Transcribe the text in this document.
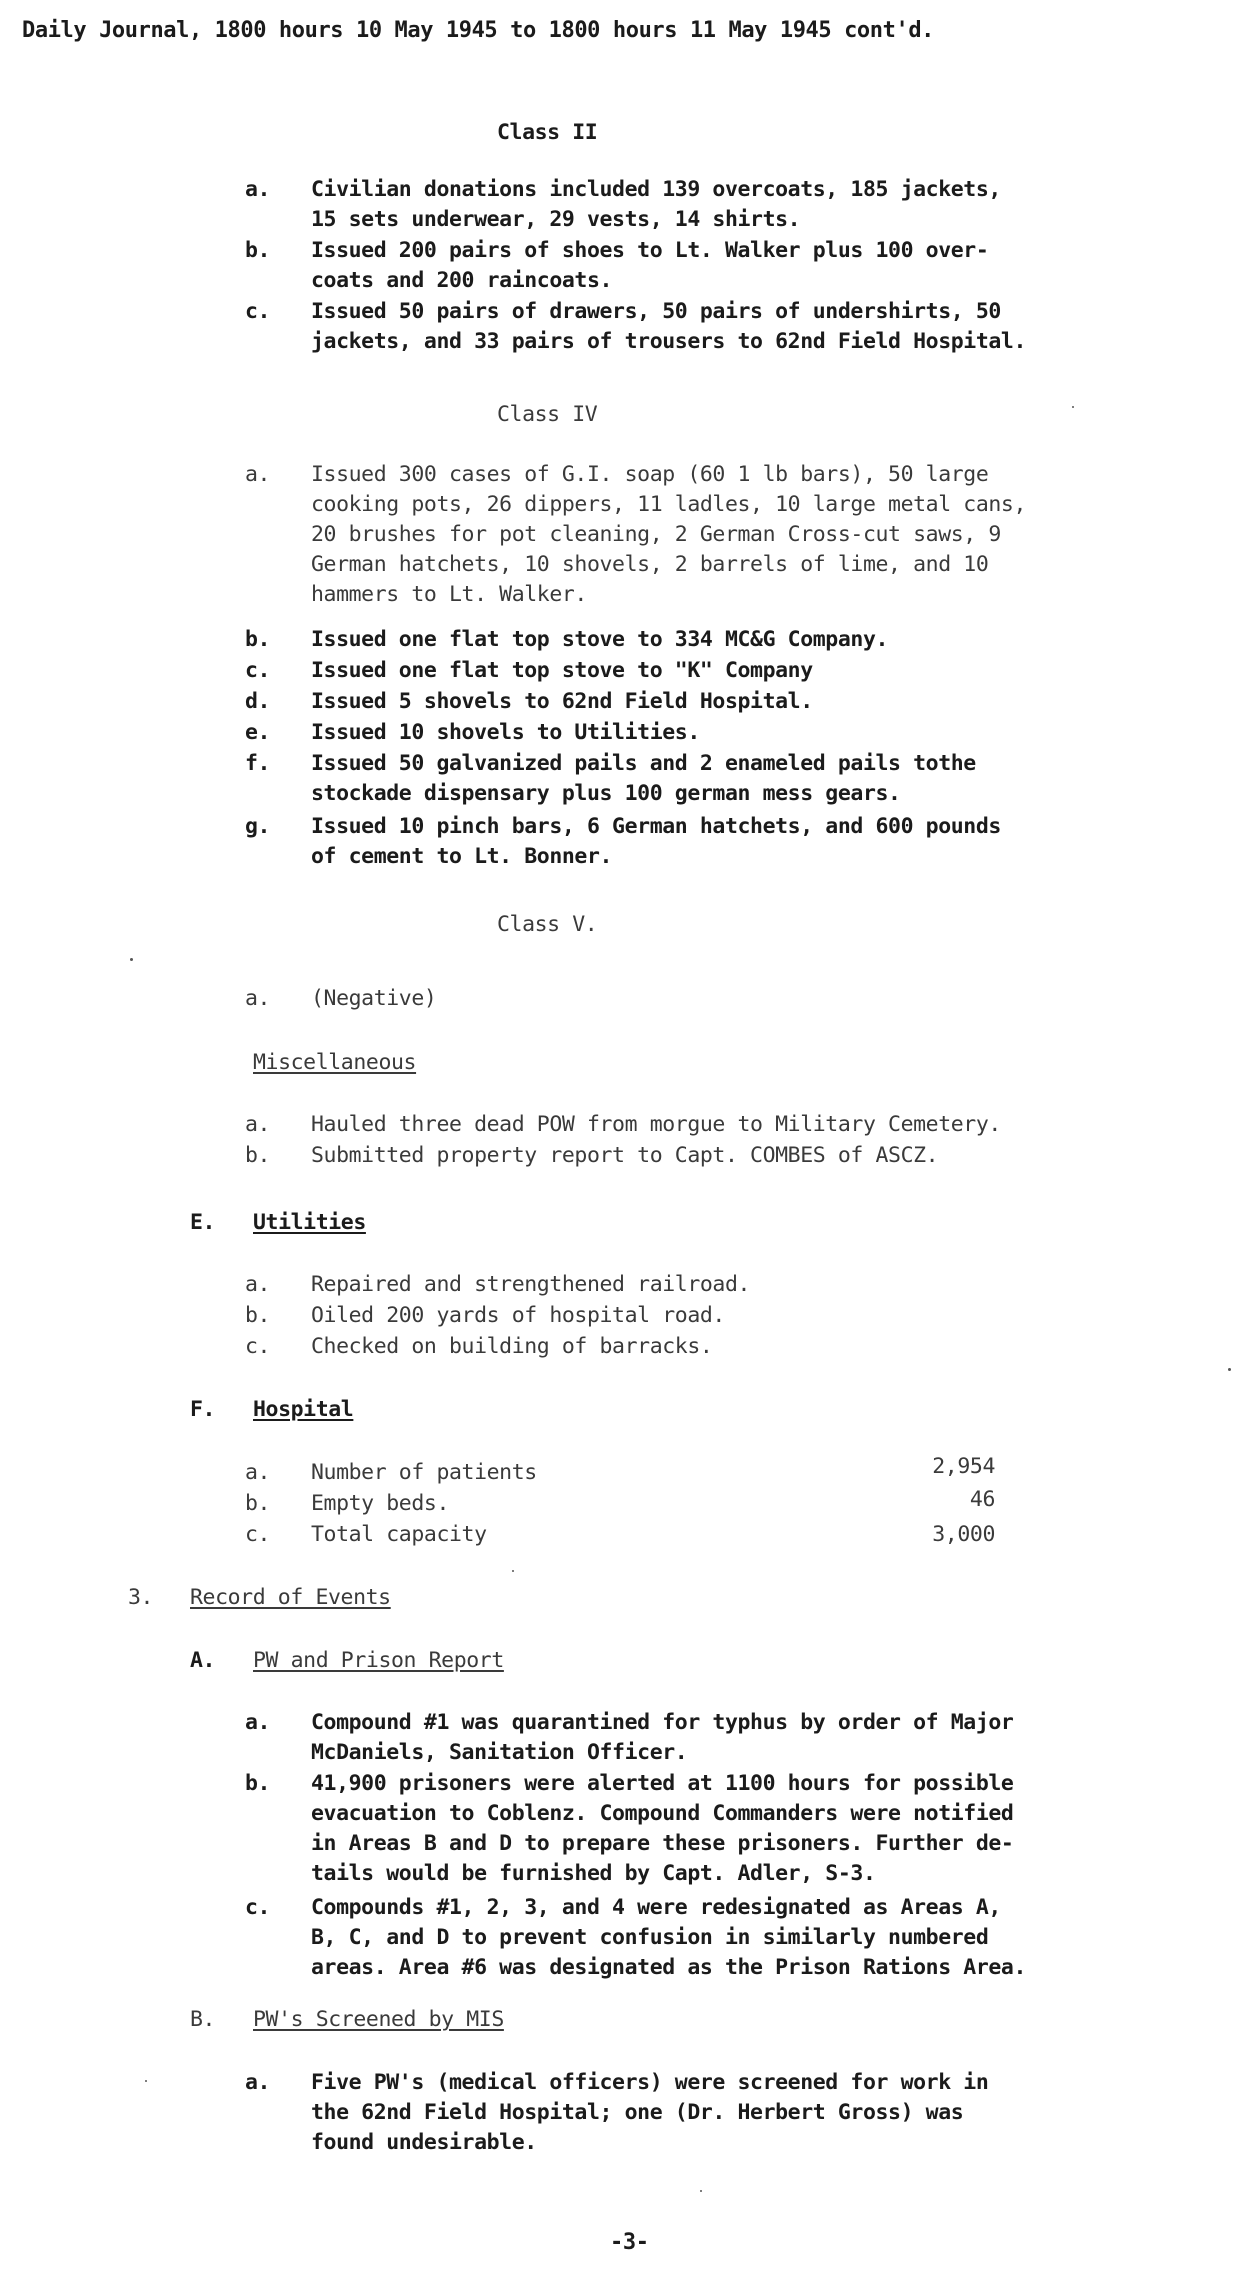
Daily Journal, 1800 hours 10 May 1945 to 1800 hours 11 May 1945 cont'd.
Class II
a.	Civilian donations included 139 overcoats, 185 jackets,
15 sets underwear, 29 vests, 14 shirts.
b.	Issued 200 pairs of shoes to Lt. Walker plus 100 over-
coats and 200 raincoats.
c.	Issued 50 pairs of drawers, 50 pairs of undershirts, 50
jackets, and 33 pairs of trousers to 62nd Field Hospital.
Class IV
a.	Issued 300 cases of G.I. soap (60 1 lb bars), 50 large
cooking pots, 26 dippers, 11 ladles, 10 large metal cans,
20 brushes for pot cleaning, 2 German Cross-cut saws, 9
German hatchets, 10 shovels, 2 barrels of lime, and 10
hammers to Lt. Walker.
b.	Issued one flat top stove to 334 MC&G Company.
c.	Issued one flat top stove to "K" Company
d.	Issued 5 shovels to 62nd Field Hospital.
e.	Issued 10 shovels to Utilities.
f.	Issued 50 galvanized pails and 2 enameled pails tothe
stockade dispensary plus 100 german mess gears.
g.	Issued 10 pinch bars, 6 German hatchets, and 600 pounds
of cement to Lt. Bonner.
Class V.
a.	(Negative)
Miscellaneous
a.	Hauled three dead POW from morgue to Military Cemetery.
b.	Submitted property report to Capt. COMBES of ASCZ.
E. Utilities
a.	Repaired and strengthened railroad.
b.	Oiled 200 yards of hospital road.
c.	Checked on building of barracks.
F. Hospital
a.	Number of patients	2,954
b.	Empty beds.	46
c.	Total capacity	3,000
3. Record of Events
A. PW and Prison Report
a.	Compound #1 was quarantined for typhus by order of Major
McDaniels, Sanitation Officer.
b.	41,900 prisoners were alerted at 1100 hours for possible
evacuation to Coblenz. Compound Commanders were notified
in Areas B and D to prepare these prisoners. Further de-
tails would be furnished by Capt. Adler, S-3.
c.	Compounds #1, 2, 3, and 4 were redesignated as Areas A,
B, C, and D to prevent confusion in similarly numbered
areas. Area #6 was designated as the Prison Rations Area.
B. PW's Screened by MIS
a.	Five PW's (medical officers) were screened for work in
the 62nd Field Hospital; one (Dr. Herbert Gross) was
found undesirable.
-3-
